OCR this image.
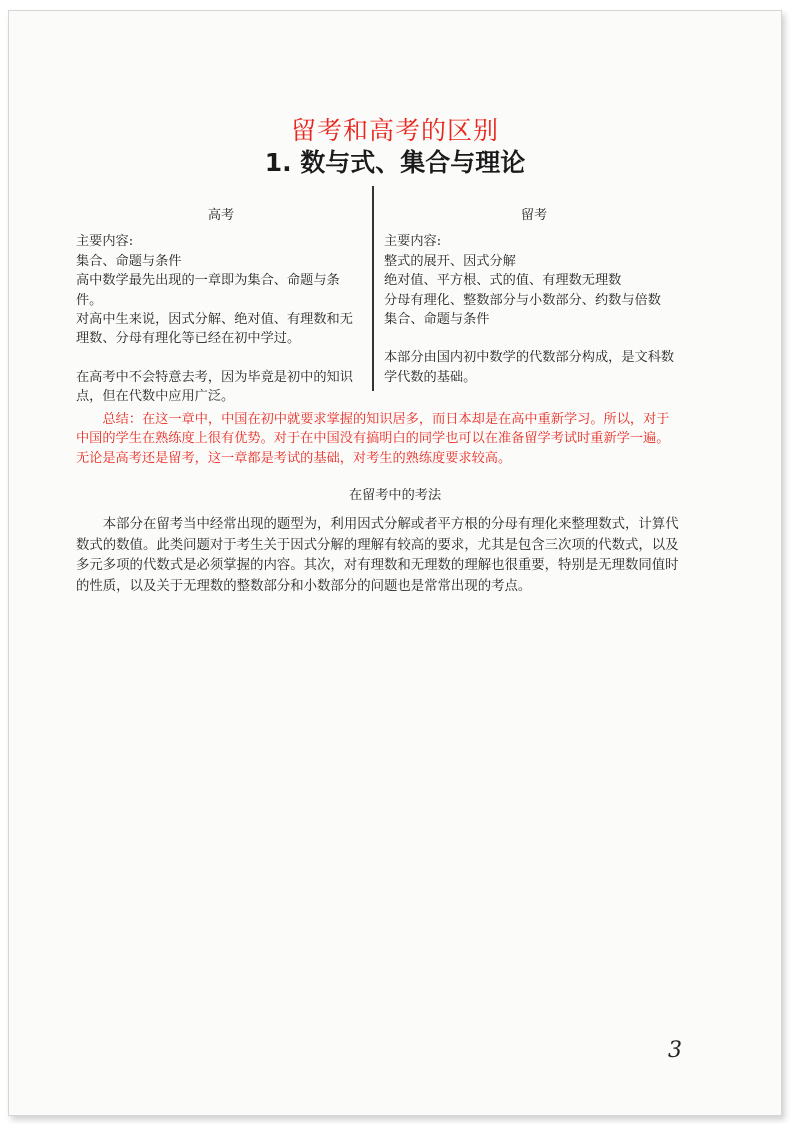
留考和高考的区别
1. 数与式、集合与理论
高考

主要内容:

集合、命题与条件

高中数学最先出现的一章即为集合、命题与条件。

对高中生来说，因式分解、绝对值、有理数和无理数、分母有理化等已经在初中学过。

在高考中不会特意去考，因为毕竟是初中的知识点，但在代数中应用广泛。

留考

主要内容:

整式的展开、因式分解

绝对值、平方根、式的值、有理数无理数

分母有理化、整数部分与小数部分、约数与倍数

集合、命题与条件

本部分由国内初中数学的代数部分构成，是文科数学代数的基础。

总结：在这一章中，中国在初中就要求掌握的知识居多，而日本却是在高中重新学习。所以，对于中国的学生在熟练度上很有优势。对于在中国没有搞明白的同学也可以在准备留学考试时重新学一遍。无论是高考还是留考，这一章都是考试的基础，对考生的熟练度要求较高。
在留考中的考法
本部分在留考当中经常出现的题型为，利用因式分解或者平方根的分母有理化来整理数式，计算代数式的数值。此类问题对于考生关于因式分解的理解有较高的要求，尤其是包含三次项的代数式，以及多元多项的代数式是必须掌握的内容。其次，对有理数和无理数的理解也很重要，特别是无理数同值时的性质，以及关于无理数的整数部分和小数部分的问题也是常常出现的考点。
3
